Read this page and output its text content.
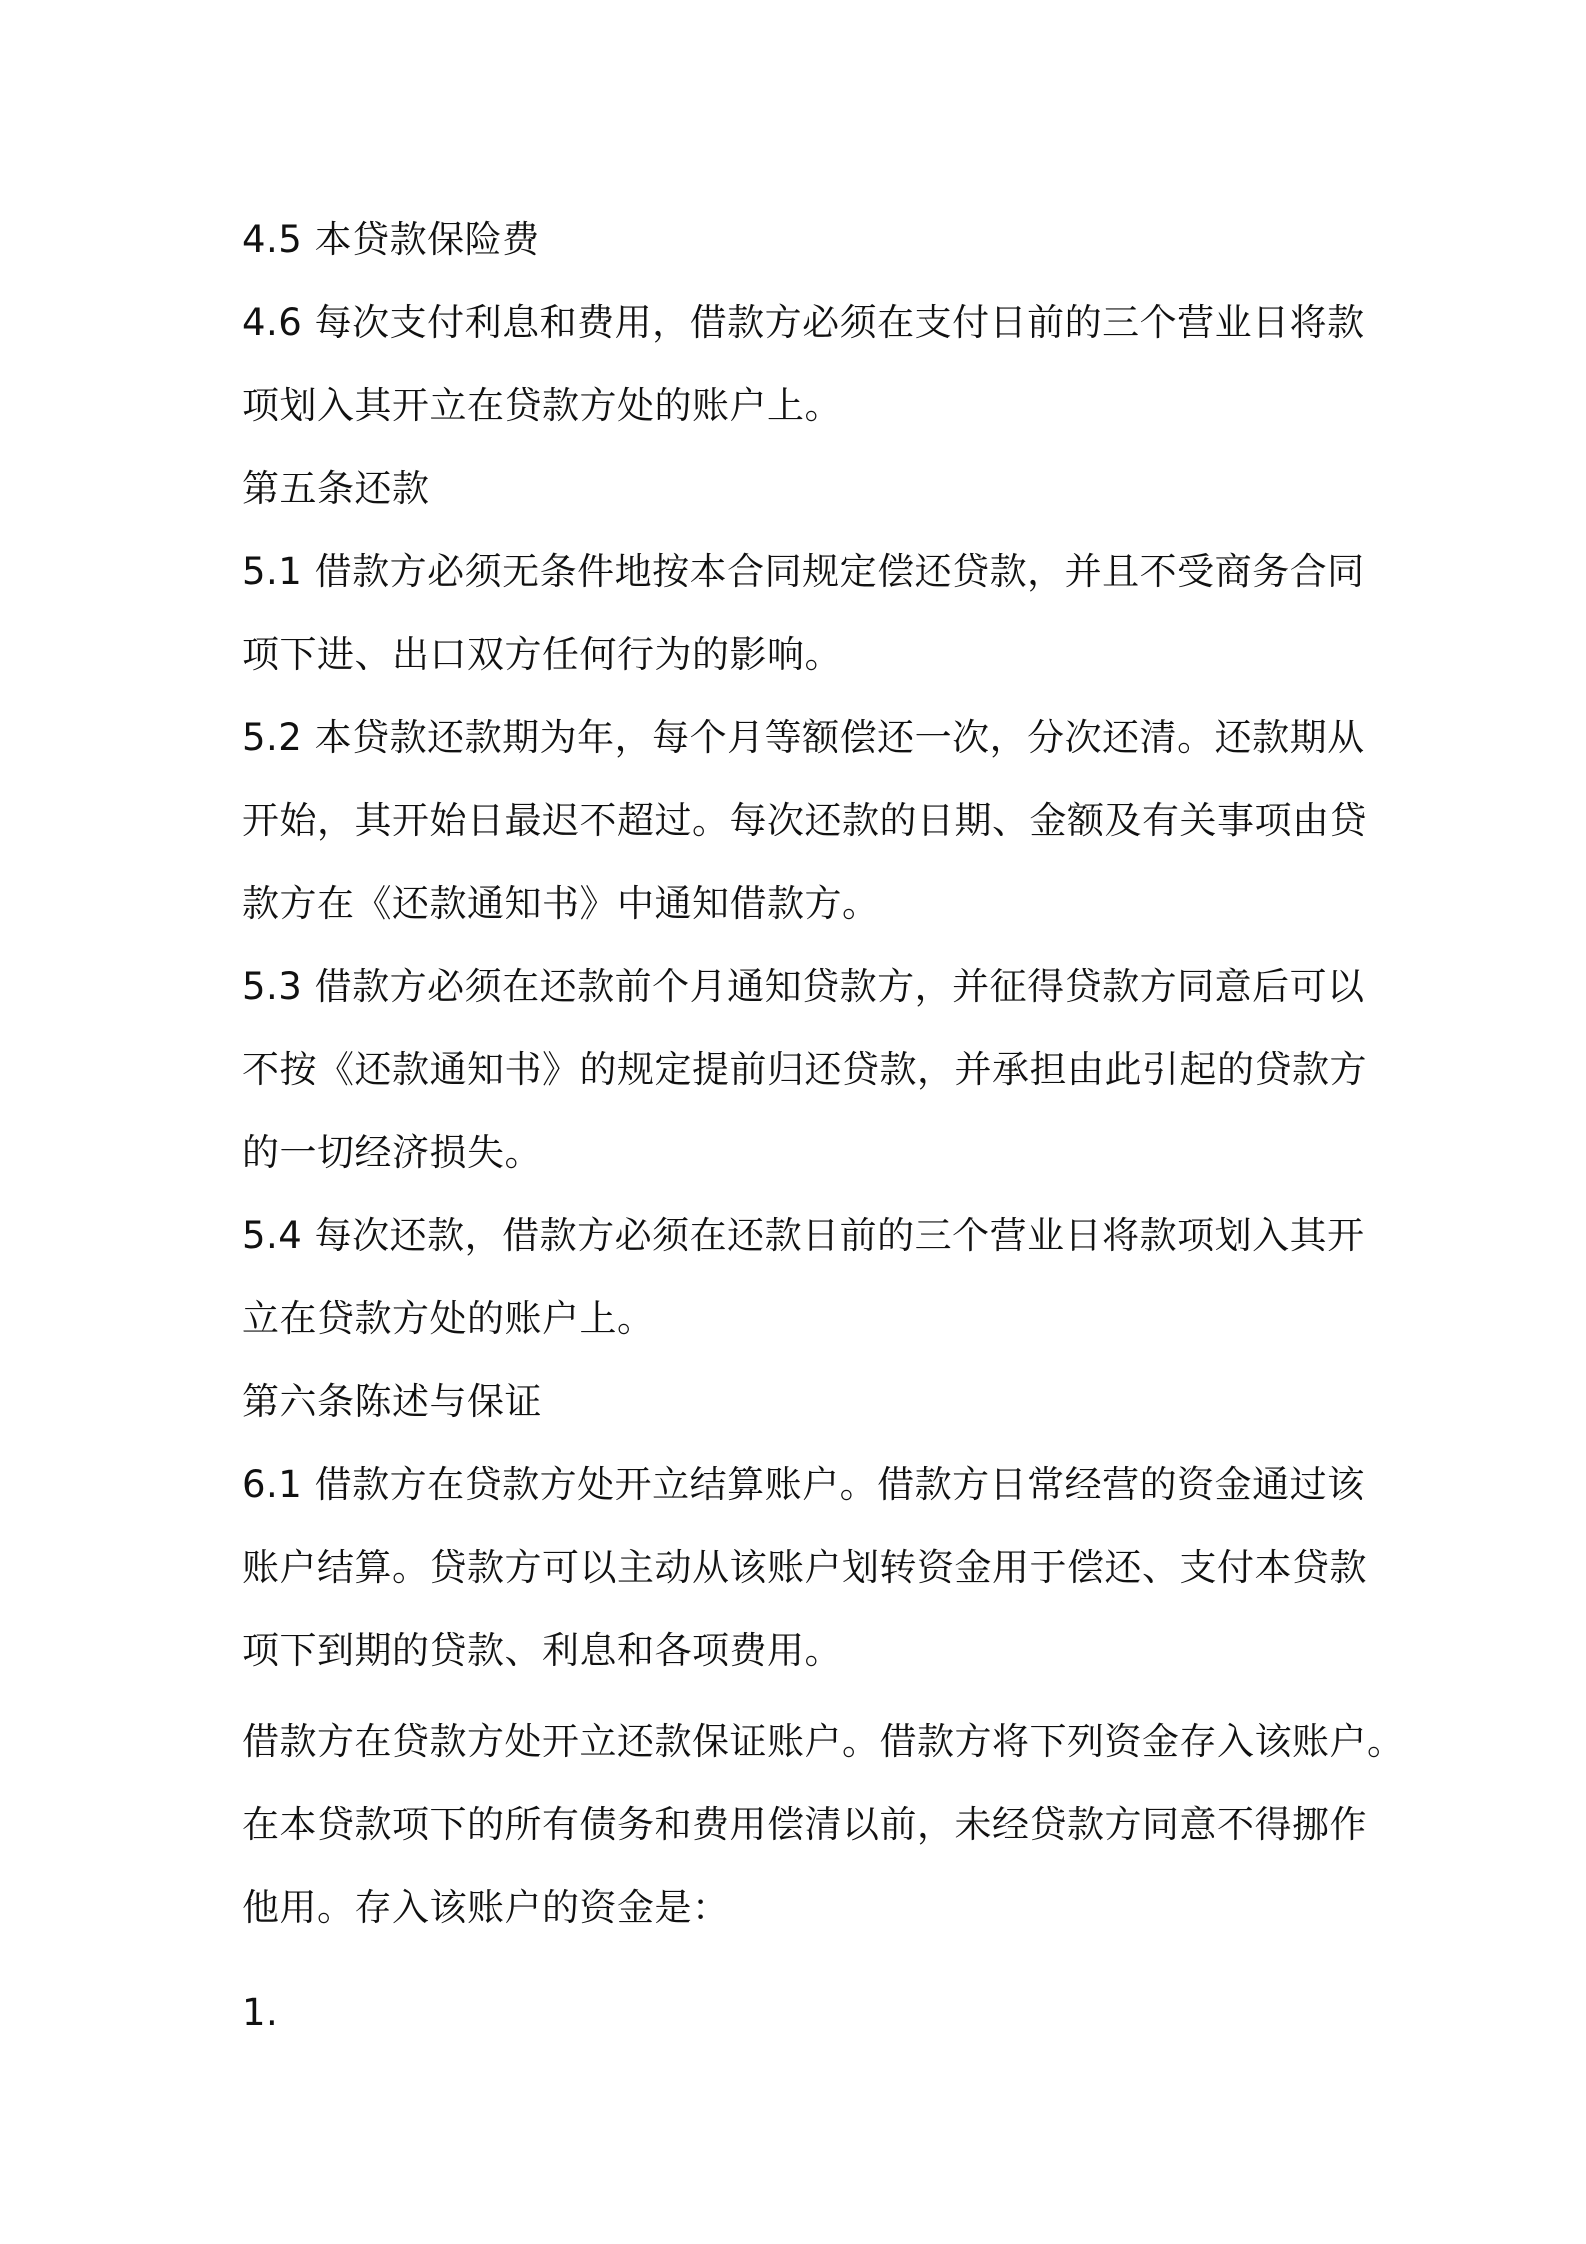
4.5 本贷款保险费
4.6 每次支付利息和费用，借款方必须在支付日前的三个营业日将款
项划入其开立在贷款方处的账户上。
第五条还款
5.1 借款方必须无条件地按本合同规定偿还贷款，并且不受商务合同
项下进、出口双方任何行为的影响。
5.2 本贷款还款期为年，每个月等额偿还一次，分次还清。还款期从
开始，其开始日最迟不超过。每次还款的日期、金额及有关事项由贷
款方在《还款通知书》中通知借款方。
5.3 借款方必须在还款前个月通知贷款方，并征得贷款方同意后可以
不按《还款通知书》的规定提前归还贷款，并承担由此引起的贷款方
的一切经济损失。
5.4 每次还款，借款方必须在还款日前的三个营业日将款项划入其开
立在贷款方处的账户上。
第六条陈述与保证
6.1 借款方在贷款方处开立结算账户。借款方日常经营的资金通过该
账户结算。贷款方可以主动从该账户划转资金用于偿还、支付本贷款
项下到期的贷款、利息和各项费用。
借款方在贷款方处开立还款保证账户。借款方将下列资金存入该账户。
在本贷款项下的所有债务和费用偿清以前，未经贷款方同意不得挪作
他用。存入该账户的资金是：
1.
